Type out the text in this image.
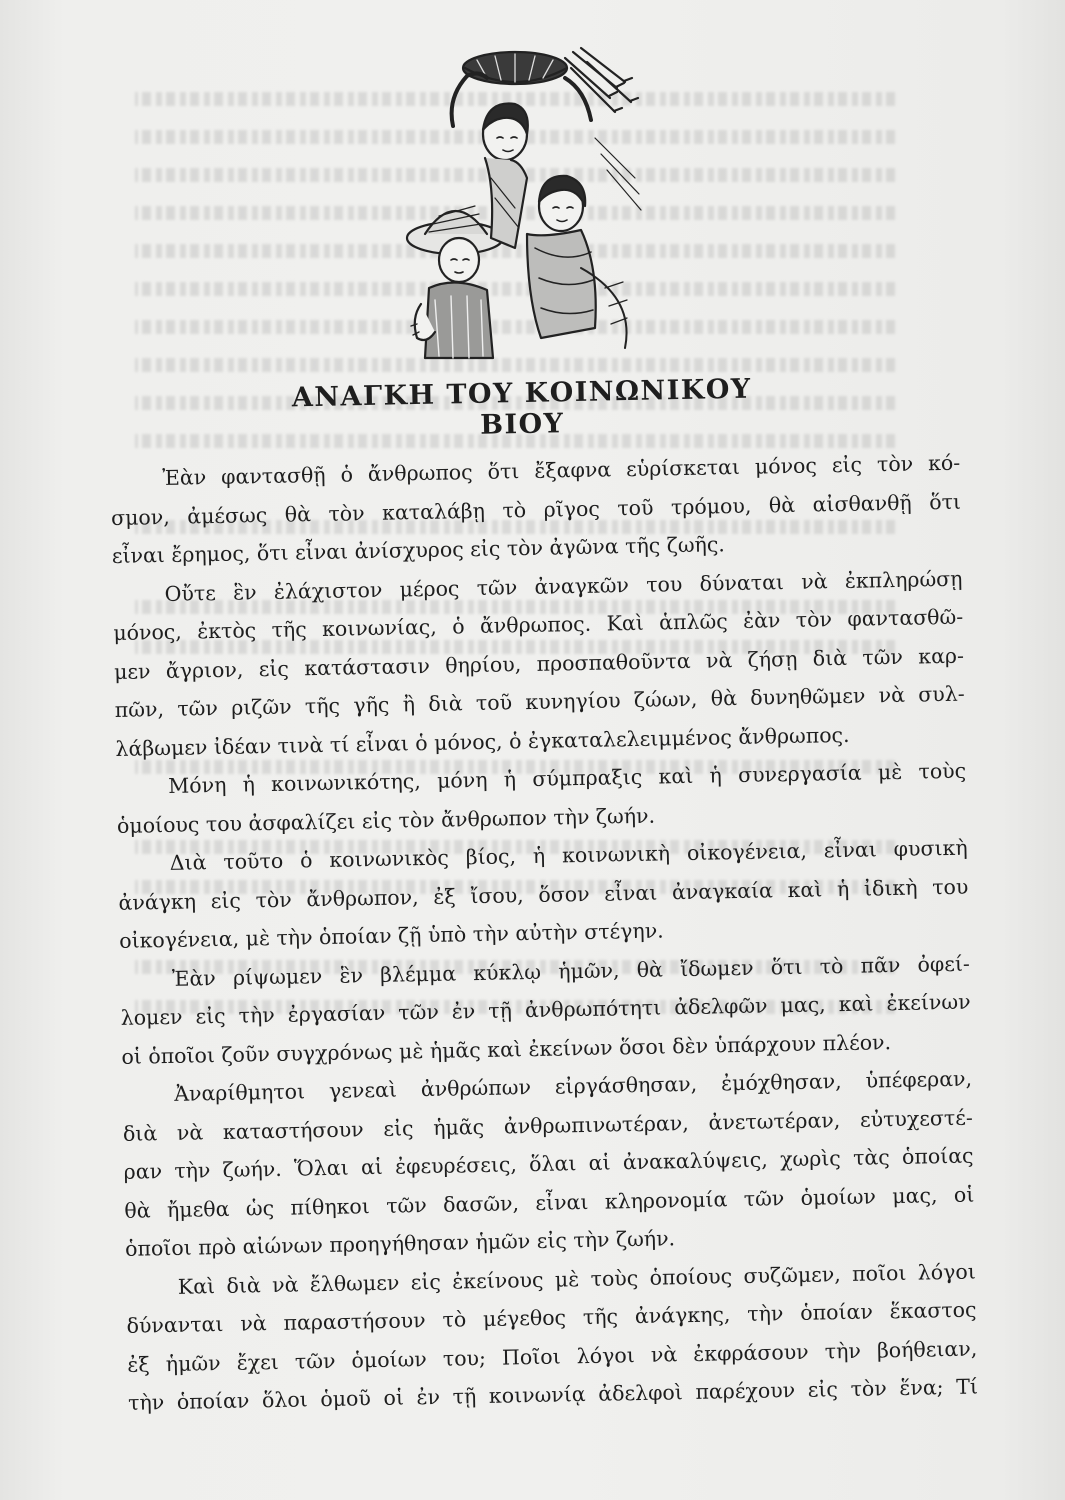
ΑΝΑΓΚΗ ΤΟΥ ΚΟΙΝΩΝΙΚΟΥ ΒΙΟΥ

Ἐὰν φαντασθῇ ὁ ἄνθρωπος ὅτι ἔξαφνα εὑρίσκεται μόνος εἰς τὸν κό-

σμον, ἀμέσως θὰ τὸν καταλάβῃ τὸ ρῖγος τοῦ τρόμου, θὰ αἰσθανθῇ ὅτι

εἶναι ἔρημος, ὅτι εἶναι ἀνίσχυρος εἰς τὸν ἀγῶνα τῆς ζωῆς.

Οὔτε ἓν ἐλάχιστον μέρος τῶν ἀναγκῶν του δύναται νὰ ἐκπληρώσῃ

μόνος, ἐκτὸς τῆς κοινωνίας, ὁ ἄνθρωπος. Καὶ ἁπλῶς ἐὰν τὸν φαντασθῶ-

μεν ἄγριον, εἰς κατάστασιν θηρίου, προσπαθοῦντα νὰ ζήσῃ διὰ τῶν καρ-

πῶν, τῶν ριζῶν τῆς γῆς ἢ διὰ τοῦ κυνηγίου ζώων, θὰ δυνηθῶμεν νὰ συλ-

λάβωμεν ἰδέαν τινὰ τί εἶναι ὁ μόνος, ὁ ἐγκαταλελειμμένος ἄνθρωπος.

Μόνη ἡ κοινωνικότης, μόνη ἡ σύμπραξις καὶ ἡ συνεργασία μὲ τοὺς

ὁμοίους του ἀσφαλίζει εἰς τὸν ἄνθρωπον τὴν ζωήν.

Διὰ τοῦτο ὁ κοινωνικὸς βίος, ἡ κοινωνικὴ οἰκογένεια, εἶναι φυσικὴ

ἀνάγκη εἰς τὸν ἄνθρωπον, ἐξ ἴσου, ὅσον εἶναι ἀναγκαία καὶ ἡ ἰδικὴ του

οἰκογένεια, μὲ τὴν ὁποίαν ζῇ ὑπὸ τὴν αὐτὴν στέγην.

Ἐὰν ρίψωμεν ἓν βλέμμα κύκλῳ ἡμῶν, θὰ ἴδωμεν ὅτι τὸ πᾶν ὀφεί-

λομεν εἰς τὴν ἐργασίαν τῶν ἐν τῇ ἀνθρωπότητι ἀδελφῶν μας, καὶ ἐκείνων

οἱ ὁποῖοι ζοῦν συγχρόνως μὲ ἡμᾶς καὶ ἐκείνων ὅσοι δὲν ὑπάρχουν πλέον.

Ἀναρίθμητοι γενεαὶ ἀνθρώπων εἰργάσθησαν, ἐμόχθησαν, ὑπέφεραν,

διὰ νὰ καταστήσουν εἰς ἡμᾶς ἀνθρωπινωτέραν, ἀνετωτέραν, εὐτυχεστέ-

ραν τὴν ζωήν. Ὅλαι αἱ ἐφευρέσεις, ὅλαι αἱ ἀνακαλύψεις, χωρὶς τὰς ὁποίας

θὰ ἤμεθα ὡς πίθηκοι τῶν δασῶν, εἶναι κληρονομία τῶν ὁμοίων μας, οἱ

ὁποῖοι πρὸ αἰώνων προηγήθησαν ἡμῶν εἰς τὴν ζωήν.

Καὶ διὰ νὰ ἔλθωμεν εἰς ἐκείνους μὲ τοὺς ὁποίους συζῶμεν, ποῖοι λόγοι

δύνανται νὰ παραστήσουν τὸ μέγεθος τῆς ἀνάγκης, τὴν ὁποίαν ἕκαστος

ἐξ ἡμῶν ἔχει τῶν ὁμοίων του; Ποῖοι λόγοι νὰ ἐκφράσουν τὴν βοήθειαν,

τὴν ὁποίαν ὅλοι ὁμοῦ οἱ ἐν τῇ κοινωνίᾳ ἀδελφοὶ παρέχουν εἰς τὸν ἕνα; Τί
